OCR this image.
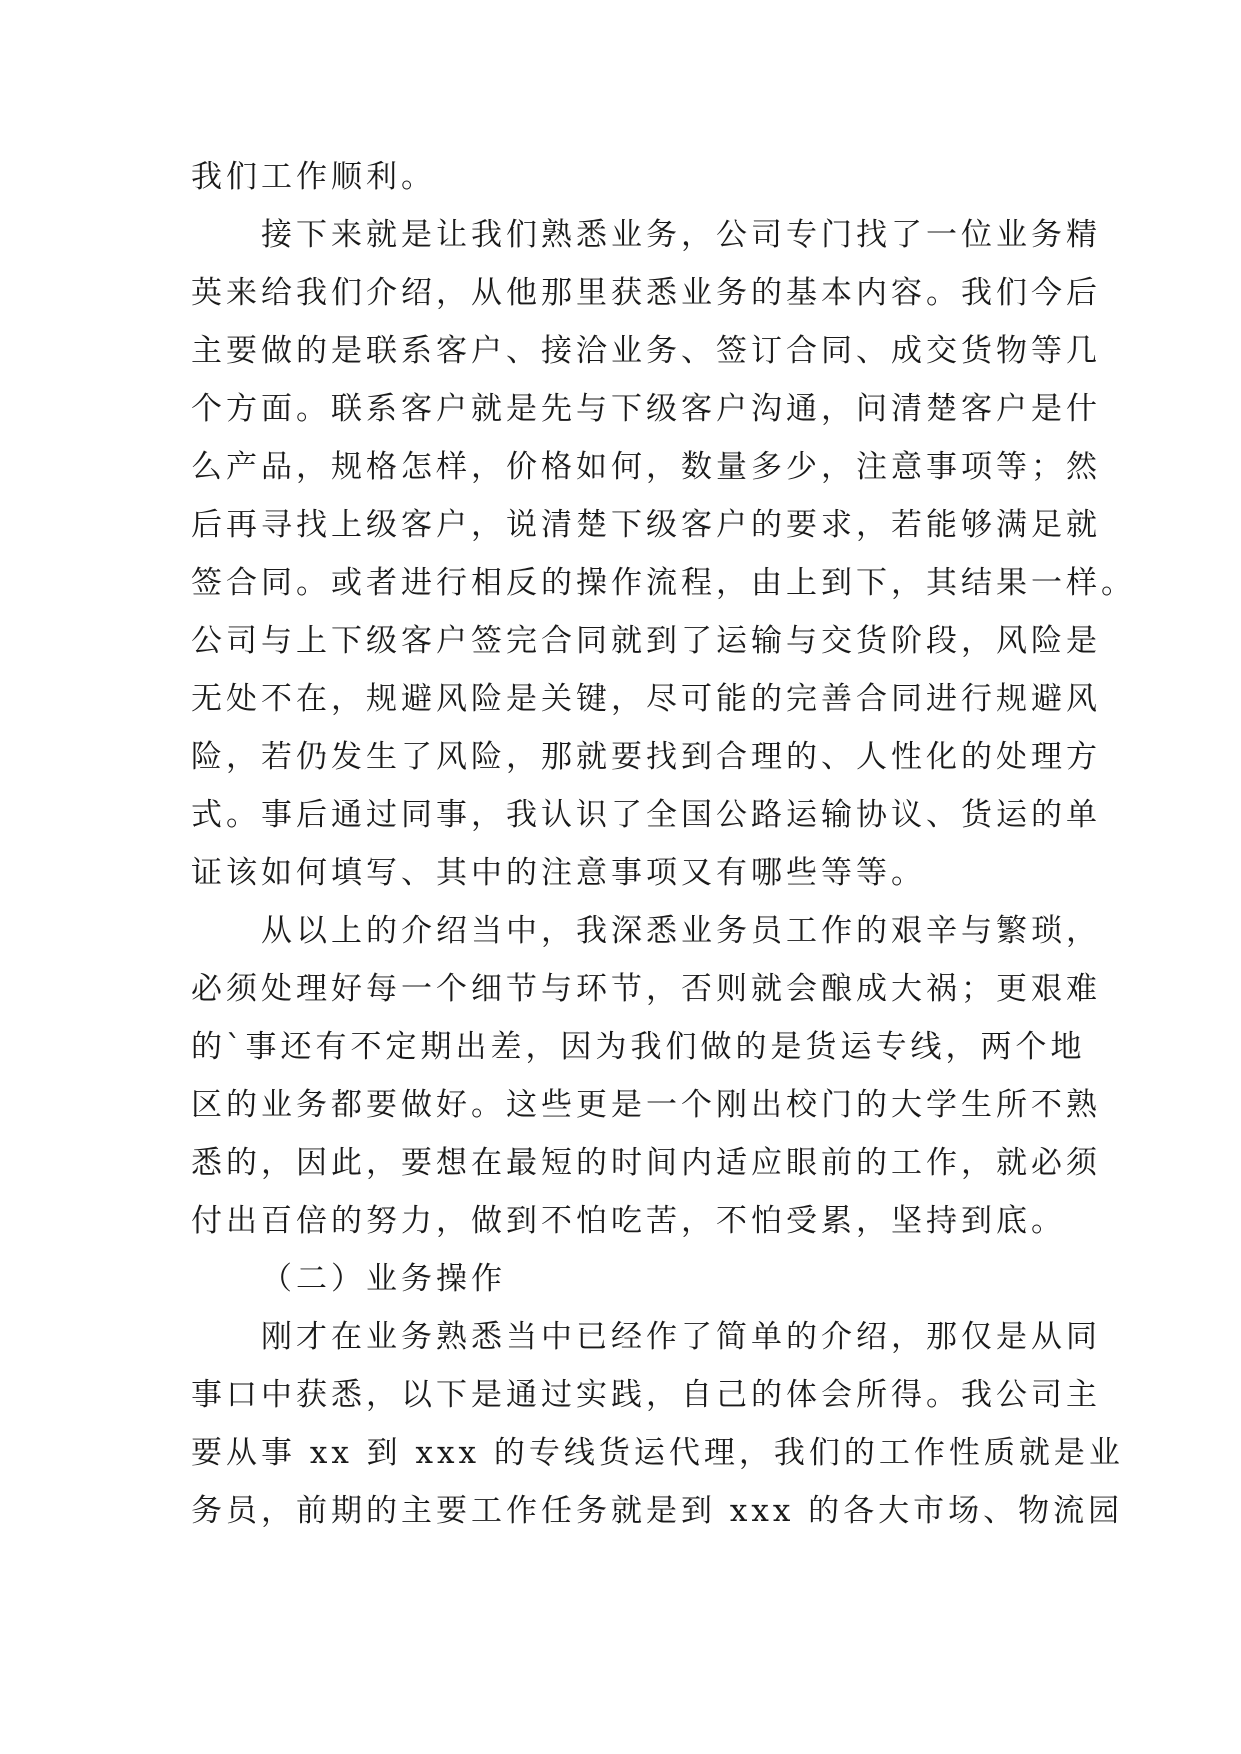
我们工作顺利。
接下来就是让我们熟悉业务，公司专门找了一位业务精
英来给我们介绍，从他那里获悉业务的基本内容。我们今后
主要做的是联系客户、接洽业务、签订合同、成交货物等几
个方面。联系客户就是先与下级客户沟通，问清楚客户是什
么产品，规格怎样，价格如何，数量多少，注意事项等；然
后再寻找上级客户，说清楚下级客户的要求，若能够满足就
签合同。或者进行相反的操作流程，由上到下，其结果一样。
公司与上下级客户签完合同就到了运输与交货阶段，风险是
无处不在，规避风险是关键，尽可能的完善合同进行规避风
险，若仍发生了风险，那就要找到合理的、人性化的处理方
式。事后通过同事，我认识了全国公路运输协议、货运的单
证该如何填写、其中的注意事项又有哪些等等。
从以上的介绍当中，我深悉业务员工作的艰辛与繁琐，
必须处理好每一个细节与环节，否则就会酿成大祸；更艰难
的`事还有不定期出差，因为我们做的是货运专线，两个地
区的业务都要做好。这些更是一个刚出校门的大学生所不熟
悉的，因此，要想在最短的时间内适应眼前的工作，就必须
付出百倍的努力，做到不怕吃苦，不怕受累，坚持到底。
（二）业务操作
刚才在业务熟悉当中已经作了简单的介绍，那仅是从同
事口中获悉，以下是通过实践，自己的体会所得。我公司主
要从事 xx 到 xxx 的专线货运代理，我们的工作性质就是业
务员，前期的主要工作任务就是到 xxx 的各大市场、物流园
